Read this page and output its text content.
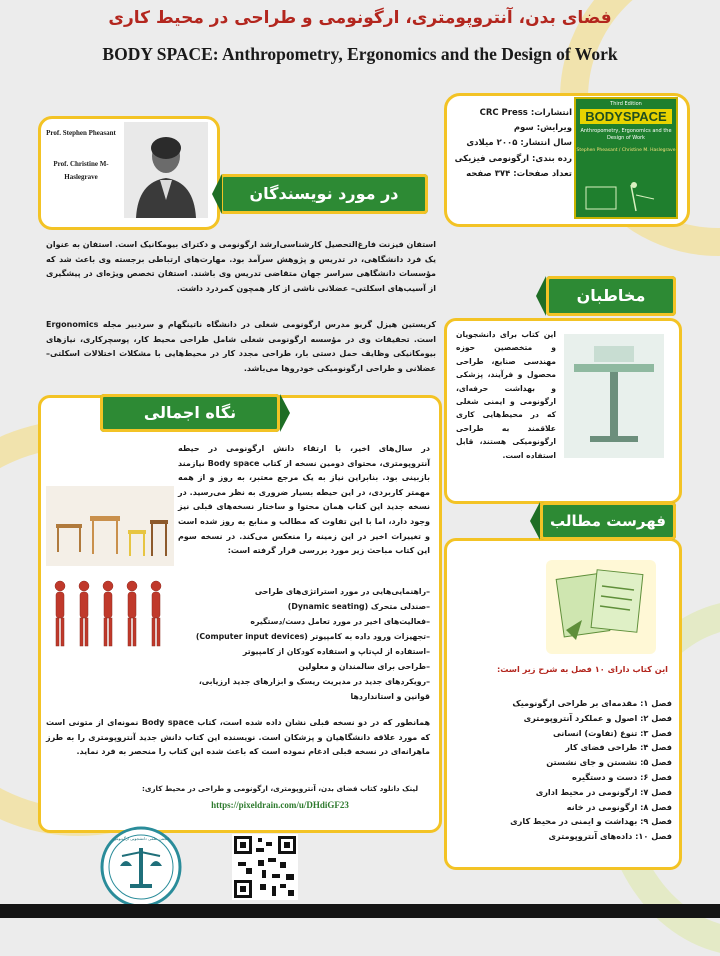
فضای بدن، آنتروپومتری، ارگونومی و طراحی در محیط کاری
BODY SPACE: Anthropometry, Ergonomics and the Design of Work
انتشارات: CRC Press
ویرایش: سوم
سال انتشار: ۲۰۰۵ میلادی
رده بندی: ارگونومی فیزیکی
تعداد صفحات: ۳۷۴ صفحه
Third Edition
BODYSPACE
Anthropometry, Ergonomics and the Design of Work
Stephen Pheasant / Christine M. Haslegrave
Prof. Stephen Pheasant
Prof. Christine M-Haslegrave
در مورد نویسندگان
استفان فیزنت فارغ‌التحصیل کارشناسی‌ارشد ارگونومی و دکترای بیومکانیک است. استفان به عنوان یک فرد دانشگاهی، در تدریس و پژوهش سرآمد بود. مهارت‌های ارتباطی برجسته وی باعث شد که مؤسسات دانشگاهی سراسر جهان متقاضی تدریس وی باشند. استفان تخصص ویژه‌ای در پیشگیری از آسیب‌های اسکلتی– عضلانی ناشی از کار همچون کمردرد داشت.
کریستین هیزل گریو مدرس ارگونومی شغلی در دانشگاه ناتینگهام و سردبیر مجله Ergonomics است. تحقیقات وی در مؤسسه ارگونومی شغلی شامل طراحی محیط کار، پوسچرکاری، نیازهای بیومکانیکی وظایف حمل دستی بار، طراحی مجدد کار در محیط‌هایی با مشکلات اختلالات اسکلتی– عضلانی و طراحی ارگونومیکی خودروها می‌باشد.
نگاه اجمالی
در سال‌های اخیر، با ارتقاء دانش ارگونومی در حیطه آنتروپومتری، محتوای دومین نسخه از کتاب Body space نیازمند بازبینی بود. بنابراین نیاز به یک مرجع معتبر، به روز و از همه مهمتر کاربردی، در این حیطه بسیار ضروری به نظر می‌رسید. در نسخه جدید این کتاب همان محتوا و ساختار نسخه‌های قبلی نیز وجود دارد، اما با این تفاوت که مطالب و منابع به روز شده است و تغییرات اخیر در این زمینه را منعکس می‌کند. در نسخه سوم این کتاب مباحث زیر مورد بررسی قرار گرفته است:
–راهنمایی‌هایی در مورد استراتژی‌های طراحی
–صندلی متحرک (Dynamic seating)
–فعالیت‌های اخیر در مورد تعامل دست/دستگیره
–تجهیزات ورود داده به کامپیوتر (Computer input devices)
–استفاده از لپ‌تاپ و استفاده کودکان از کامپیوتر
–طراحی برای سالمندان و معلولین
–رویکردهای جدید در مدیریت ریسک و ابزارهای جدید ارزیابی، قوانین و استانداردها
همانطور که در دو نسخه قبلی نشان داده شده است، کتاب Body space نمونه‌ای از متونی است که مورد علاقه دانشگاهیان و پزشکان است. نویسنده این کتاب دانش جدید آنتروپومتری را به طرز ماهرانه‌ای در نسخه قبلی ادغام نموده است که باعث شده این کتاب را منحصر به فرد نماید.
لینک دانلود کتاب فضای بدن، آنتروپومتری، ارگونومی و طراحی در محیط کاری:
https://pixeldrain.com/u/DHdiGF23
انجمن علمی دانشجویی ارگونومی
مخاطبان
این کتاب برای دانشجویان و متخصصین حوزه مهندسی صنایع، طراحی محصول و فرآیند، پزشکی و بهداشت حرفه‌ای، ارگونومی و ایمنی شغلی که در محیط‌هایی کاری علاقمند به طراحی ارگونومیکی هستند، قابل استفاده است.
فهرست مطالب
این کتاب دارای ۱۰ فصل به شرح زیر است:
فصل ۱: مقدمه‌ای بر طراحی ارگونومیک
فصل ۲: اصول و عملکرد آنتروپومتری
فصل ۳: تنوع (تفاوت) انسانی
فصل ۴: طراحی فضای کار
فصل ۵: نشستن و جای نشستن
فصل ۶: دست و دستگیره
فصل ۷: ارگونومی در محیط اداری
فصل ۸: ارگونومی در خانه
فصل ۹: بهداشت و ایمنی در محیط کاری
فصل ۱۰: داده‌های آنتروپومتری
